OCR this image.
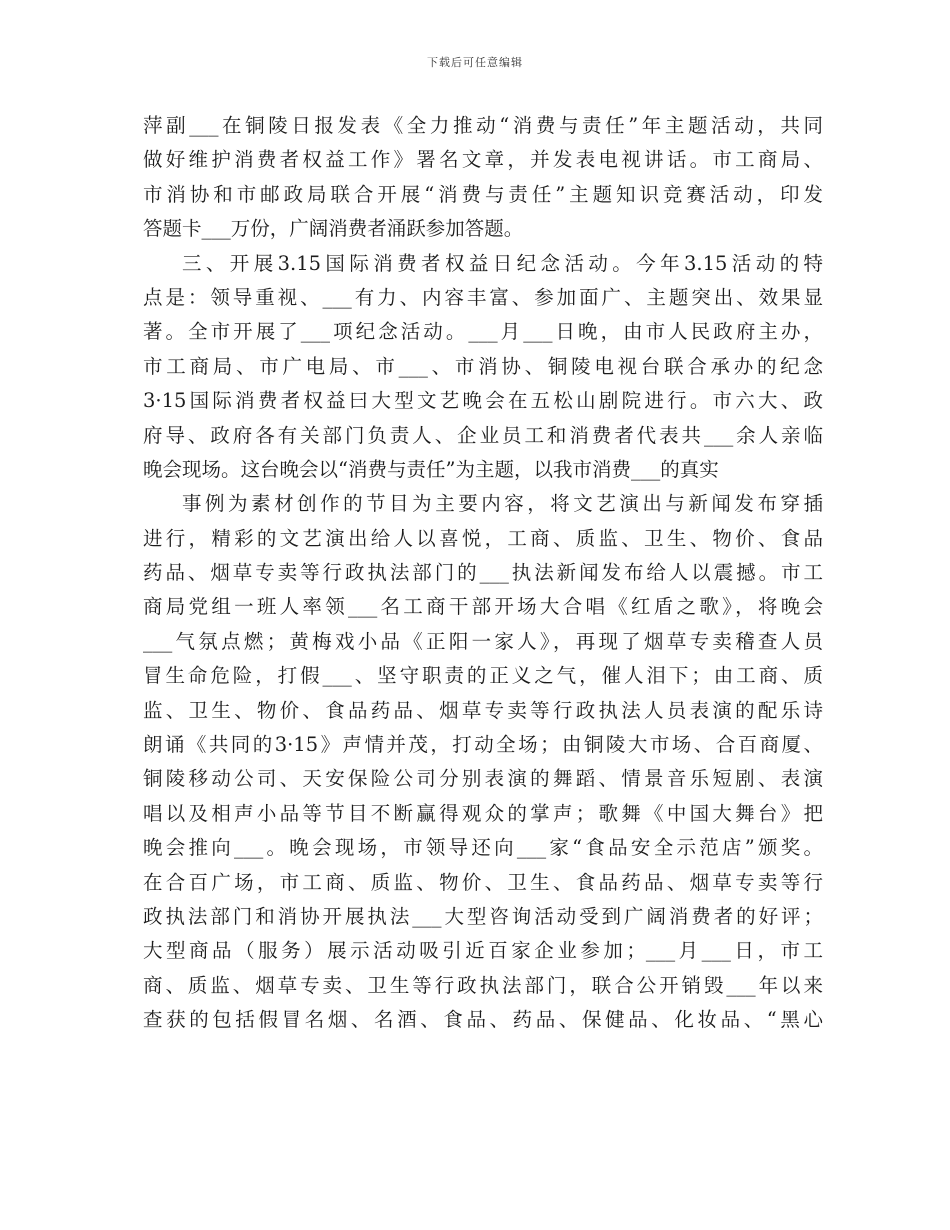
下载后可任意编辑
萍副___在铜陵日报发表《全力推动“消费与责任”年主题活动，共同
做好维护消费者权益工作》署名文章，并发表电视讲话。市工商局、
市消协和市邮政局联合开展“消费与责任”主题知识竞赛活动，印发
答题卡___万份，广阔消费者涌跃参加答题。
三、开展3.15国际消费者权益日纪念活动。今年3.15活动的特
点是：领导重视、___有力、内容丰富、参加面广、主题突出、效果显
著。全市开展了___项纪念活动。___月___日晚，由市人民政府主办，
市工商局、市广电局、市___、市消协、铜陵电视台联合承办的纪念
3·15国际消费者权益曰大型文艺晚会在五松山剧院进行。市六大、政
府导、政府各有关部门负责人、企业员工和消费者代表共___余人亲临
晚会现场。这台晚会以“消费与责任”为主题，以我市消费___的真实
事例为素材创作的节目为主要内容，将文艺演出与新闻发布穿插
进行，精彩的文艺演出给人以喜悦，工商、质监、卫生、物价、食品
药品、烟草专卖等行政执法部门的___执法新闻发布给人以震撼。市工
商局党组一班人率领___名工商干部开场大合唱《红盾之歌》，将晚会
___气氛点燃；黄梅戏小品《正阳一家人》，再现了烟草专卖稽查人员
冒生命危险，打假___、坚守职责的正义之气，催人泪下；由工商、质
监、卫生、物价、食品药品、烟草专卖等行政执法人员表演的配乐诗
朗诵《共同的3·15》声情并茂，打动全场；由铜陵大市场、合百商厦、
铜陵移动公司、天安保险公司分别表演的舞蹈、情景音乐短剧、表演
唱以及相声小品等节目不断赢得观众的掌声；歌舞《中国大舞台》把
晚会推向___。晚会现场，市领导还向___家“食品安全示范店”颁奖。
在合百广场，市工商、质监、物价、卫生、食品药品、烟草专卖等行
政执法部门和消协开展执法___大型咨询活动受到广阔消费者的好评；
大型商品（服务）展示活动吸引近百家企业参加；___月___日，市工
商、质监、烟草专卖、卫生等行政执法部门，联合公开销毁___年以来
查获的包括假冒名烟、名酒、食品、药品、保健品、化妆品、“黑心
